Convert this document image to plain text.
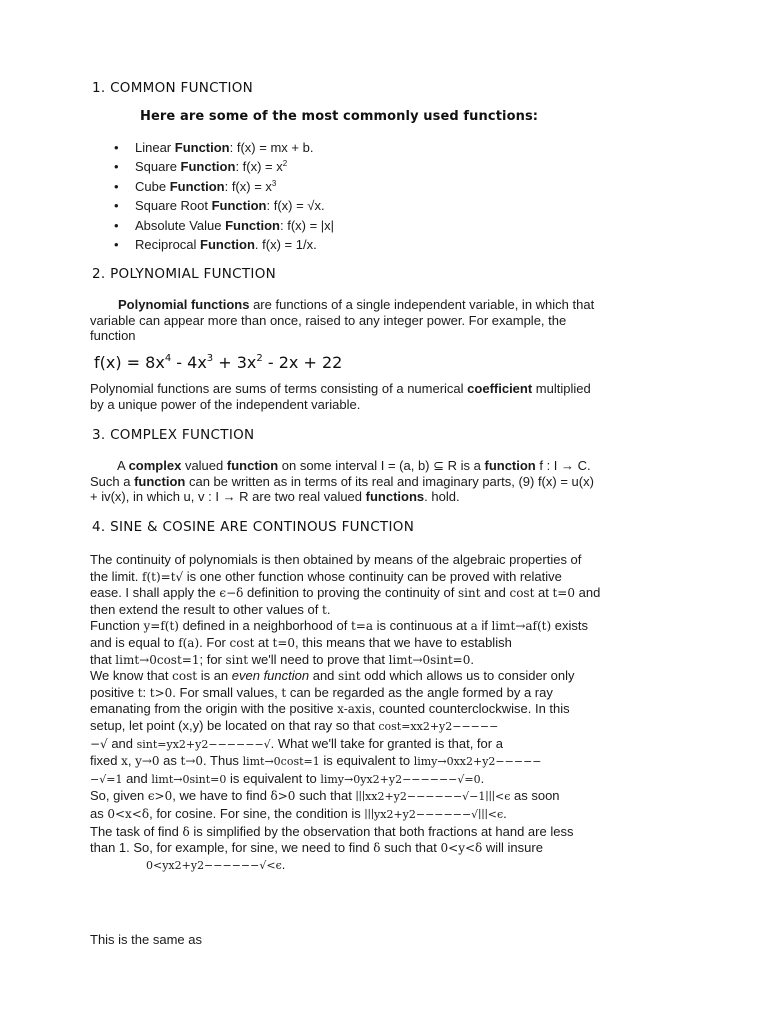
1. COMMON FUNCTION
Here are some of the most commonly used functions:
• Linear Function: f(x) = mx + b.
• Square Function: $f(x) = x^2$
• Cube Function: $f(x) = x^3$
• Square Root Function: f(x) = √x.
• Absolute Value Function: f(x) = |x|
• Reciprocal Function. f(x) = 1/x.
2. POLYNOMIAL FUNCTION

Polynomial functions are functions of a single independent variable, in which that

variable can appear more than once, raised to any integer power. For example, the

function

$f(x) = 8x^4 - 4x^3 + 3x^2 - 2x + 22$

Polynomial functions are sums of terms consisting of a numerical coefficient multiplied

by a unique power of the independent variable.

3. COMPLEX FUNCTION

A complex valued function on some interval I = (a, b) ⊆ R is a function f : I → C.

Such a function can be written as in terms of its real and imaginary parts, (9) f(x) = u(x)

+ iv(x), in which u, v : I → R are two real valued functions. hold.

4. SINE & COSINE ARE CONTINOUS FUNCTION

The continuity of polynomials is then obtained by means of the algebraic properties of

the limit. f(t)=t√ is one other function whose continuity can be proved with relative

ease. I shall apply the ϵ−δ definition to proving the continuity of sint and cost at t=0 and

then extend the result to other values of t.

Function y=f(t) defined in a neighborhood of t=a is continuous at a if limt→af(t) exists

and is equal to f(a). For cost at t=0, this means that we have to establish

that limt→0cost=1; for sint we'll need to prove that limt→0sint=0.

We know that cost is an even function and sint odd which allows us to consider only

positive t: t>0. For small values, t can be regarded as the angle formed by a ray

emanating from the origin with the positive x-axis, counted counterclockwise. In this

setup, let point (x,y) be located on that ray so that cost=xx2+y2−−−−−

−√ and sint=yx2+y2−−−−−−√. What we'll take for granted is that, for a

fixed x, y→0 as t→0. Thus limt→0cost=1 is equivalent to limy→0xx2+y2−−−−−

−√=1 and limt→0sint=0 is equivalent to limy→0yx2+y2−−−−−−√=0.

So, given ϵ>0, we have to find δ>0 such that ∣∣∣xx2+y2−−−−−−√−1∣∣∣<ϵ as soon

as 0<x<δ, for cosine. For sine, the condition is ∣∣∣yx2+y2−−−−−−√∣∣∣<ϵ.

The task of find δ is simplified by the observation that both fractions at hand are less

than 1. So, for example, for sine, we need to find δ such that 0<y<δ will insure

0<yx2+y2−−−−−−√<ϵ.

This is the same as
